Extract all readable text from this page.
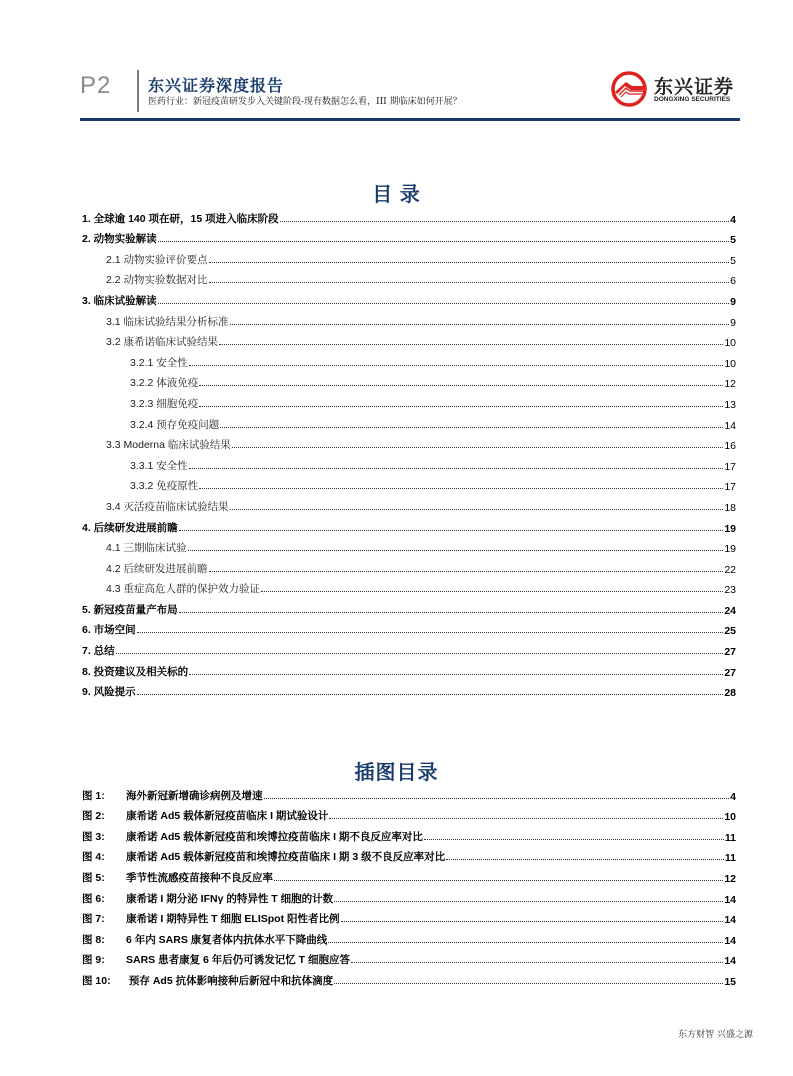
P2 东兴证券深度报告
医药行业：新冠疫苗研发步入关键阶段-现有数据怎么看，III 期临床如何开展？
东兴证券
DONGXING SECURITIES
目 录
1. 全球逾 140 项在研，15 项进入临床阶段	4
2. 动物实验解读	5
2.1 动物实验评价要点	5
2.2 动物实验数据对比	6
3. 临床试验解读	9
3.1 临床试验结果分析标准	9
3.2 康希诺临床试验结果	10
3.2.1 安全性	10
3.2.2 体液免疫	12
3.2.3 细胞免疫	13
3.2.4 预存免疫问题	14
3.3 Moderna 临床试验结果	16
3.3.1 安全性	17
3.3.2 免疫原性	17
3.4 灭活疫苗临床试验结果	18
4. 后续研发进展前瞻	19
4.1 三期临床试验	19
4.2 后续研发进展前瞻	22
4.3 重症高危人群的保护效力验证	23
5. 新冠疫苗量产布局	24
6. 市场空间	25
7. 总结	27
8. 投资建议及相关标的	27
9. 风险提示	28
插图目录
图 1: 海外新冠新增确诊病例及增速	4
图 2: 康希诺 Ad5 载体新冠疫苗临床 I 期试验设计	10
图 3: 康希诺 Ad5 载体新冠疫苗和埃博拉疫苗临床 I 期不良反应率对比	11
图 4: 康希诺 Ad5 载体新冠疫苗和埃博拉疫苗临床 I 期 3 级不良反应率对比	11
图 5: 季节性流感疫苗接种不良反应率	12
图 6: 康希诺 I 期分泌 IFNγ 的特异性 T 细胞的计数	14
图 7: 康希诺 I 期特异性 T 细胞 ELISpot 阳性者比例	14
图 8: 6 年内 SARS 康复者体内抗体水平下降曲线	14
图 9: SARS 患者康复 6 年后仍可诱发记忆 T 细胞应答	14
图 10: 预存 Ad5 抗体影响接种后新冠中和抗体滴度	15
东方财智 兴盛之源
